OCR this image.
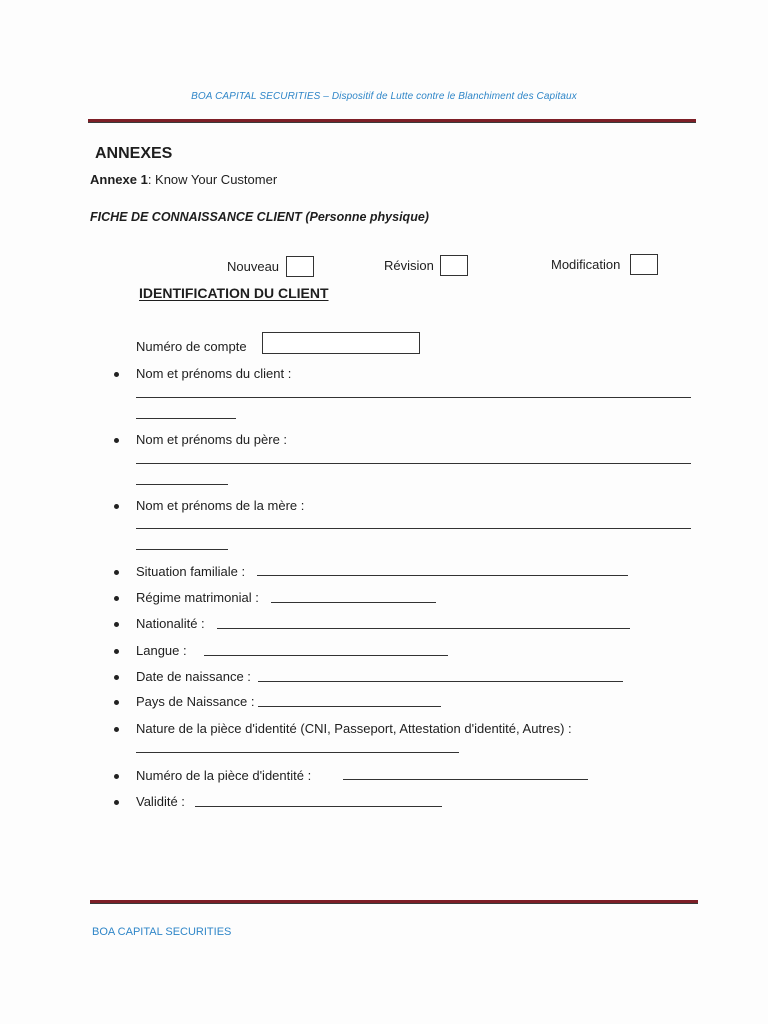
BOA CAPITAL SECURITIES – Dispositif de Lutte contre le Blanchiment des Capitaux
ANNEXES
Annexe 1: Know Your Customer
FICHE DE CONNAISSANCE CLIENT (Personne physique)
Nouveau	Révision	Modification
IDENTIFICATION DU CLIENT
Numéro de compte
Nom et prénoms du client :
Nom et prénoms du père :
Nom et prénoms de la mère :
Situation familiale :
Régime matrimonial :
Nationalité :
Langue :
Date de naissance :
Pays de Naissance :
Nature de la pièce d'identité (CNI, Passeport, Attestation d'identité, Autres) :
Numéro de la pièce d'identité :
Validité :
BOA CAPITAL SECURITIES
